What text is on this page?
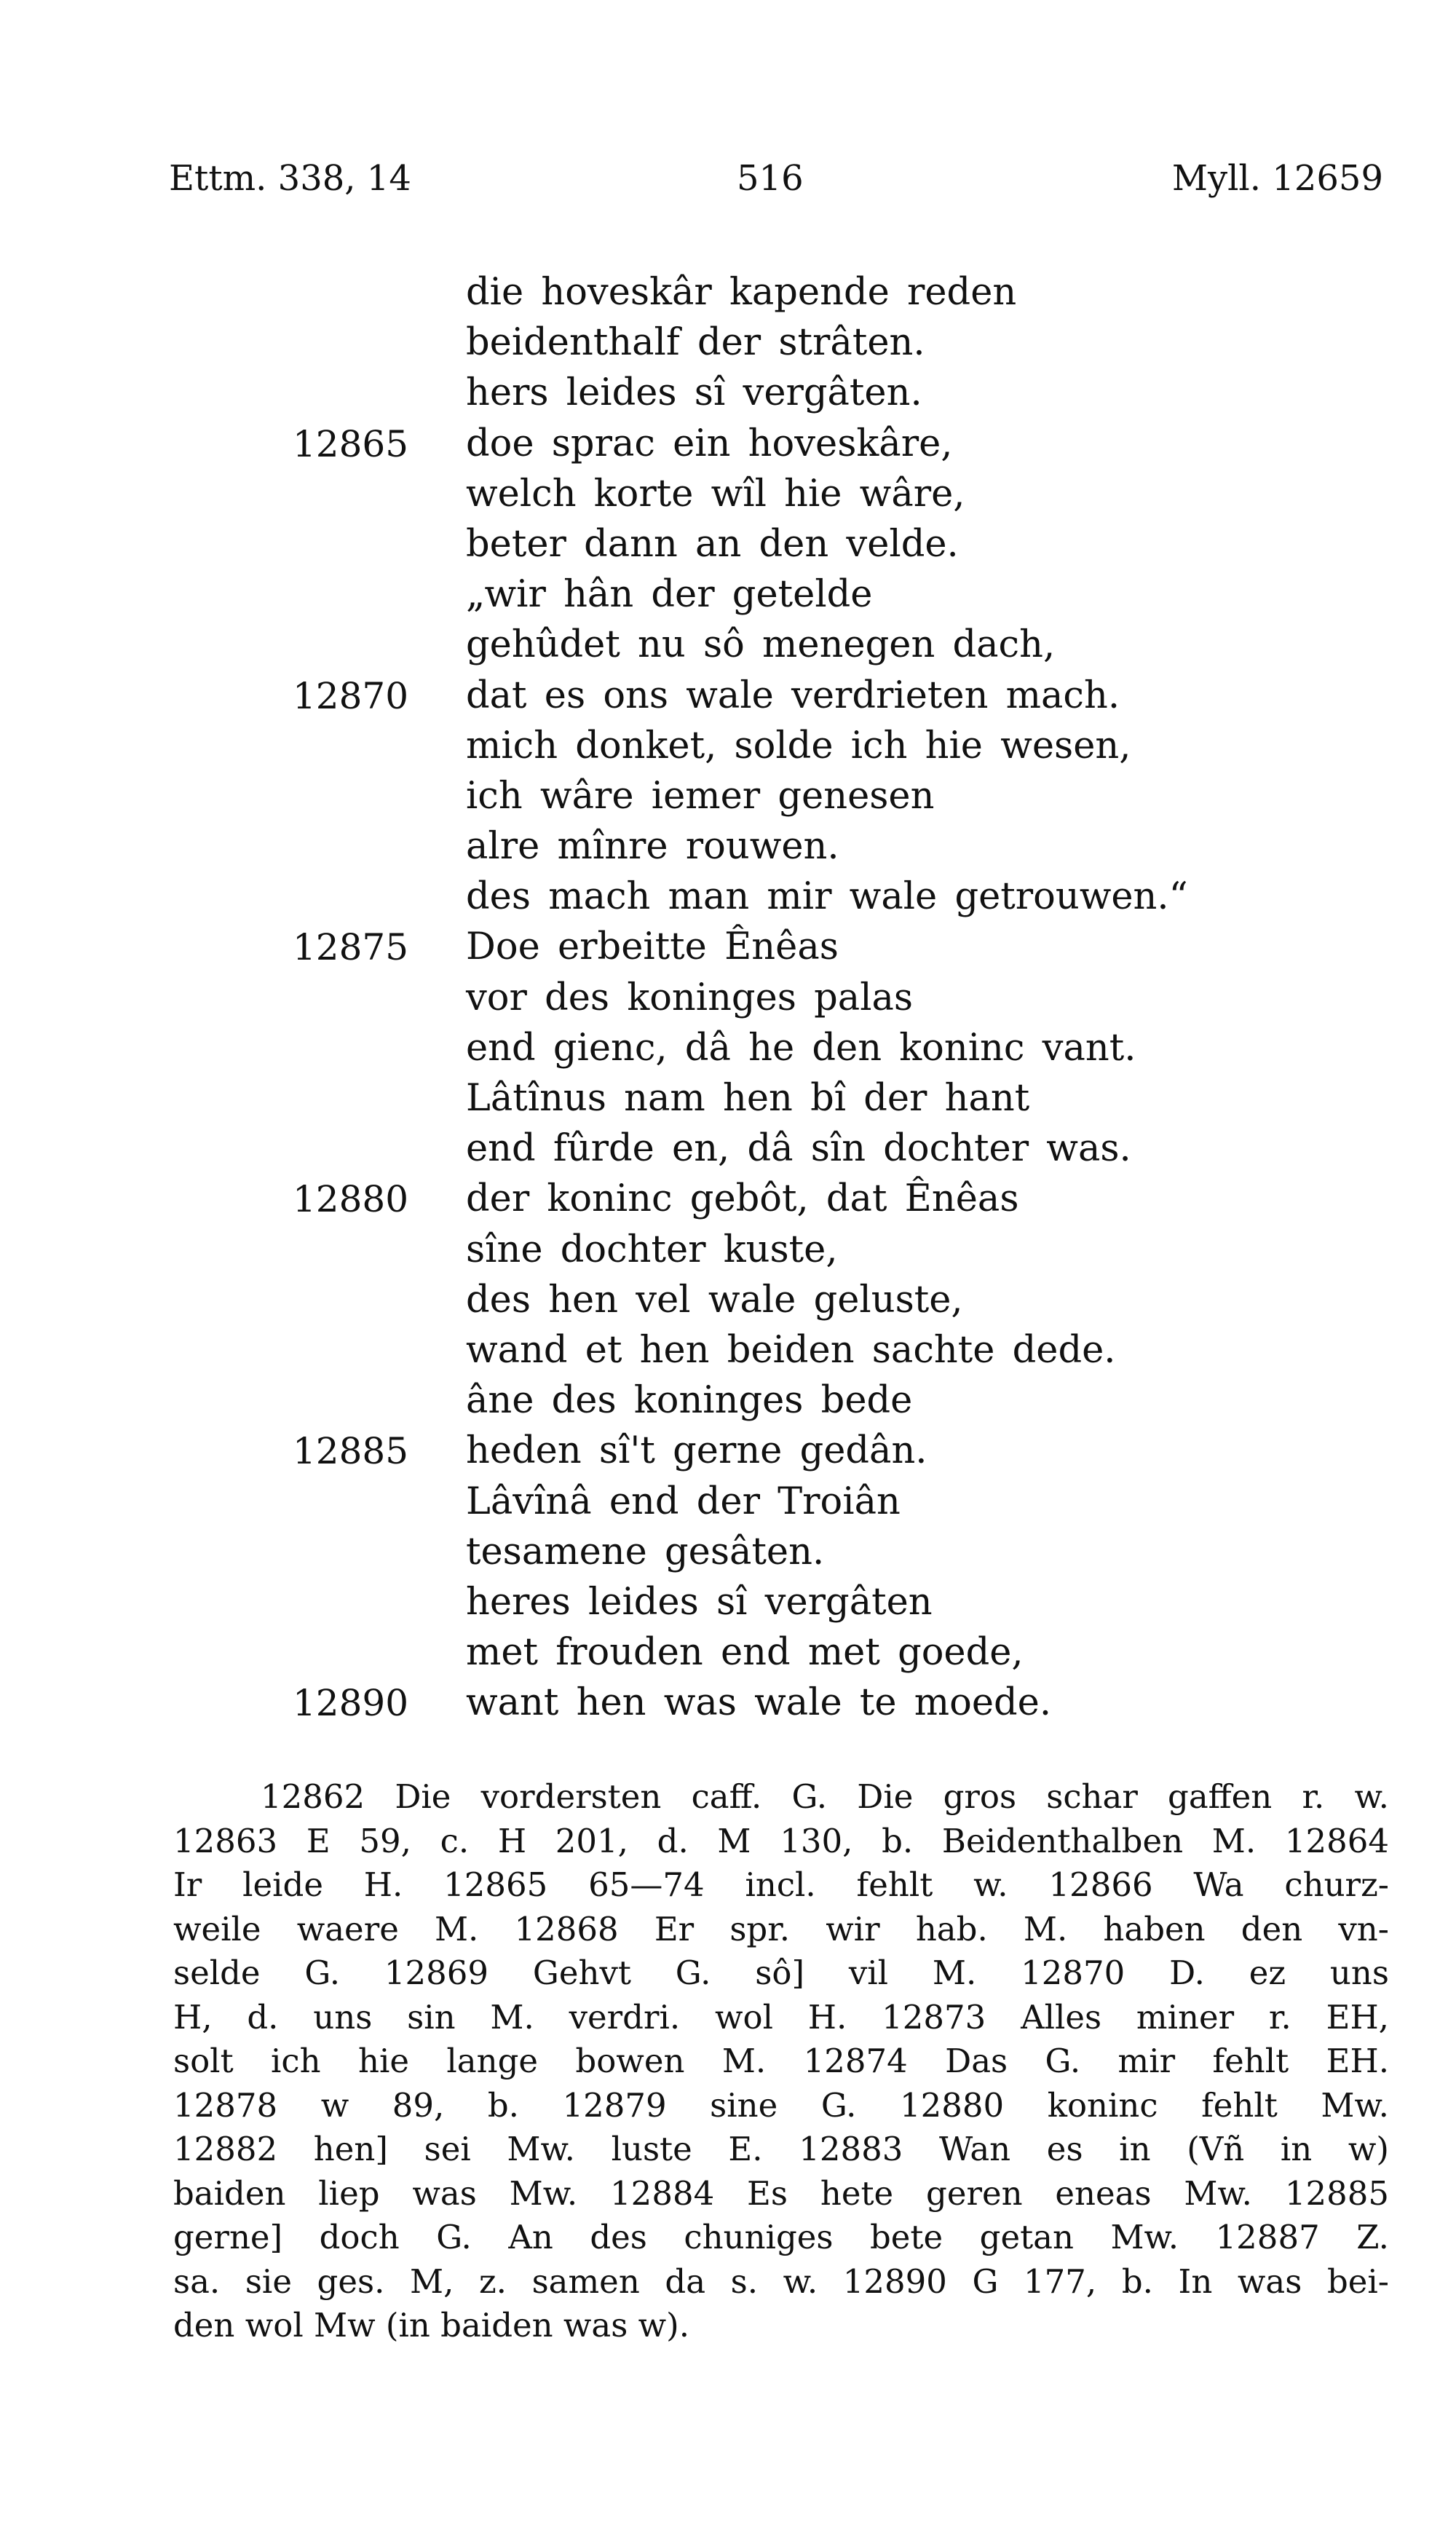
Ettm. 338, 14	516	Myll. 12659
die hoveskâr kapende reden
beidenthalf der strâten.
hers leides sî vergâten.
12865 doe sprac ein hoveskâre,
welch korte wîl hie wâre,
beter dann an den velde.
„wir hân der getelde
gehûdet nu sô menegen dach,
12870 dat es ons wale verdrieten mach.
mich donket, solde ich hie wesen,
ich wâre iemer genesen
alre mînre rouwen.
des mach man mir wale getrouwen.“
12875 Doe erbeitte Ênêas
vor des koninges palas
end gienc, dâ he den koninc vant.
Lâtînus nam hen bî der hant
end fûrde en, dâ sîn dochter was.
12880 der koninc gebôt, dat Ênêas
sîne dochter kuste,
des hen vel wale geluste,
wand et hen beiden sachte dede.
âne des koninges bede
12885 heden sî't gerne gedân.
Lâvînâ end der Troiân
tesamene gesâten.
heres leides sî vergâten
met frouden end met goede,
12890 want hen was wale te moede.
12862 Die vordersten caff. G. Die gros schar gaffen r. w.
12863 E 59, c. H 201, d. M 130, b. Beidenthalben M. 12864
Ir leide H. 12865 65—74 incl. fehlt w. 12866 Wa churz-
weile waere M. 12868 Er spr. wir hab. M. haben den vn-
selde G. 12869 Gehvt G. sô] vil M. 12870 D. ez uns
H, d. uns sin M. verdri. wol H. 12873 Alles miner r. EH,
solt ich hie lange bowen M. 12874 Das G. mir fehlt EH.
12878 w 89, b. 12879 sine G. 12880 koninc fehlt Mw.
12882 hen] sei Mw. luste E. 12883 Wan es in (Vñ in w)
baiden liep was Mw. 12884 Es hete geren eneas Mw. 12885
gerne] doch G. An des chuniges bete getan Mw. 12887 Z.
sa. sie ges. M, z. samen da s. w. 12890 G 177, b. In was bei-
den wol Mw (in baiden was w).
